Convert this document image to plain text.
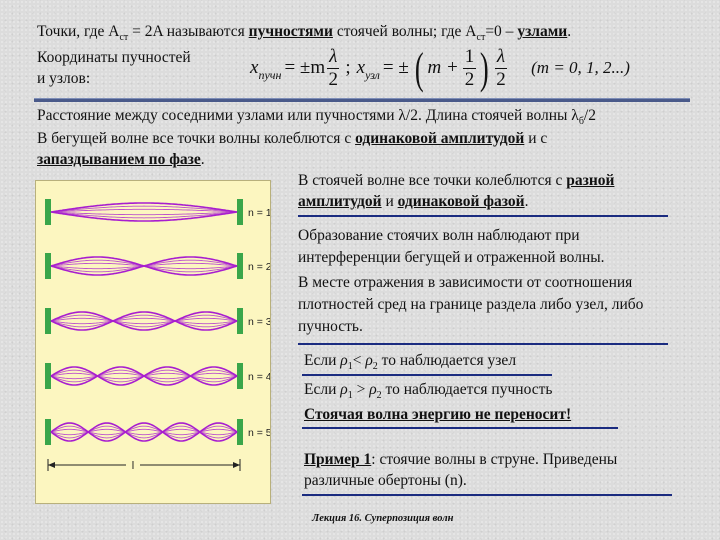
Точки, где $A_{ст} = 2A$ называются пучностями стоячей волны; где $A_{ст}=0$ – узлами.
Координаты пучностей
и узлов:
$x_{пучн} = \pm m \frac{\lambda}{2}$ ; $x_{узл}$ = ± ( $m + \frac{1}{2}$ ) $\frac{\lambda}{2} (m = 0$, 1, 2...)
Расстояние между соседними узлами или пучностями λ/2. Длина стоячей волны $\lambda_б/2$
В бегущей волне все точки волны колеблются с одинаковой амплитудой и с
запаздыванием по фазе.
n = 1
n = 2
n = 3
n = 4
n = 5
l
В стоячей волне все точки колеблются с разной
амплитудой и одинаковой фазой.
Образование стоячих волн наблюдают при
интерференции бегущей и отраженной волны.
В месте отражения в зависимости от соотношения
плотностей сред на границе раздела либо узел, либо
пучность.
Если $\rho_1< \rho_2$ то наблюдается узел
Если $\rho_1 > \rho_2$ то наблюдается пучность
Стоячая волна энергию не переносит!
Пример 1: стоячие волны в струне. Приведены
различные обертоны (n).
Лекция 16. Суперпозиция волн
